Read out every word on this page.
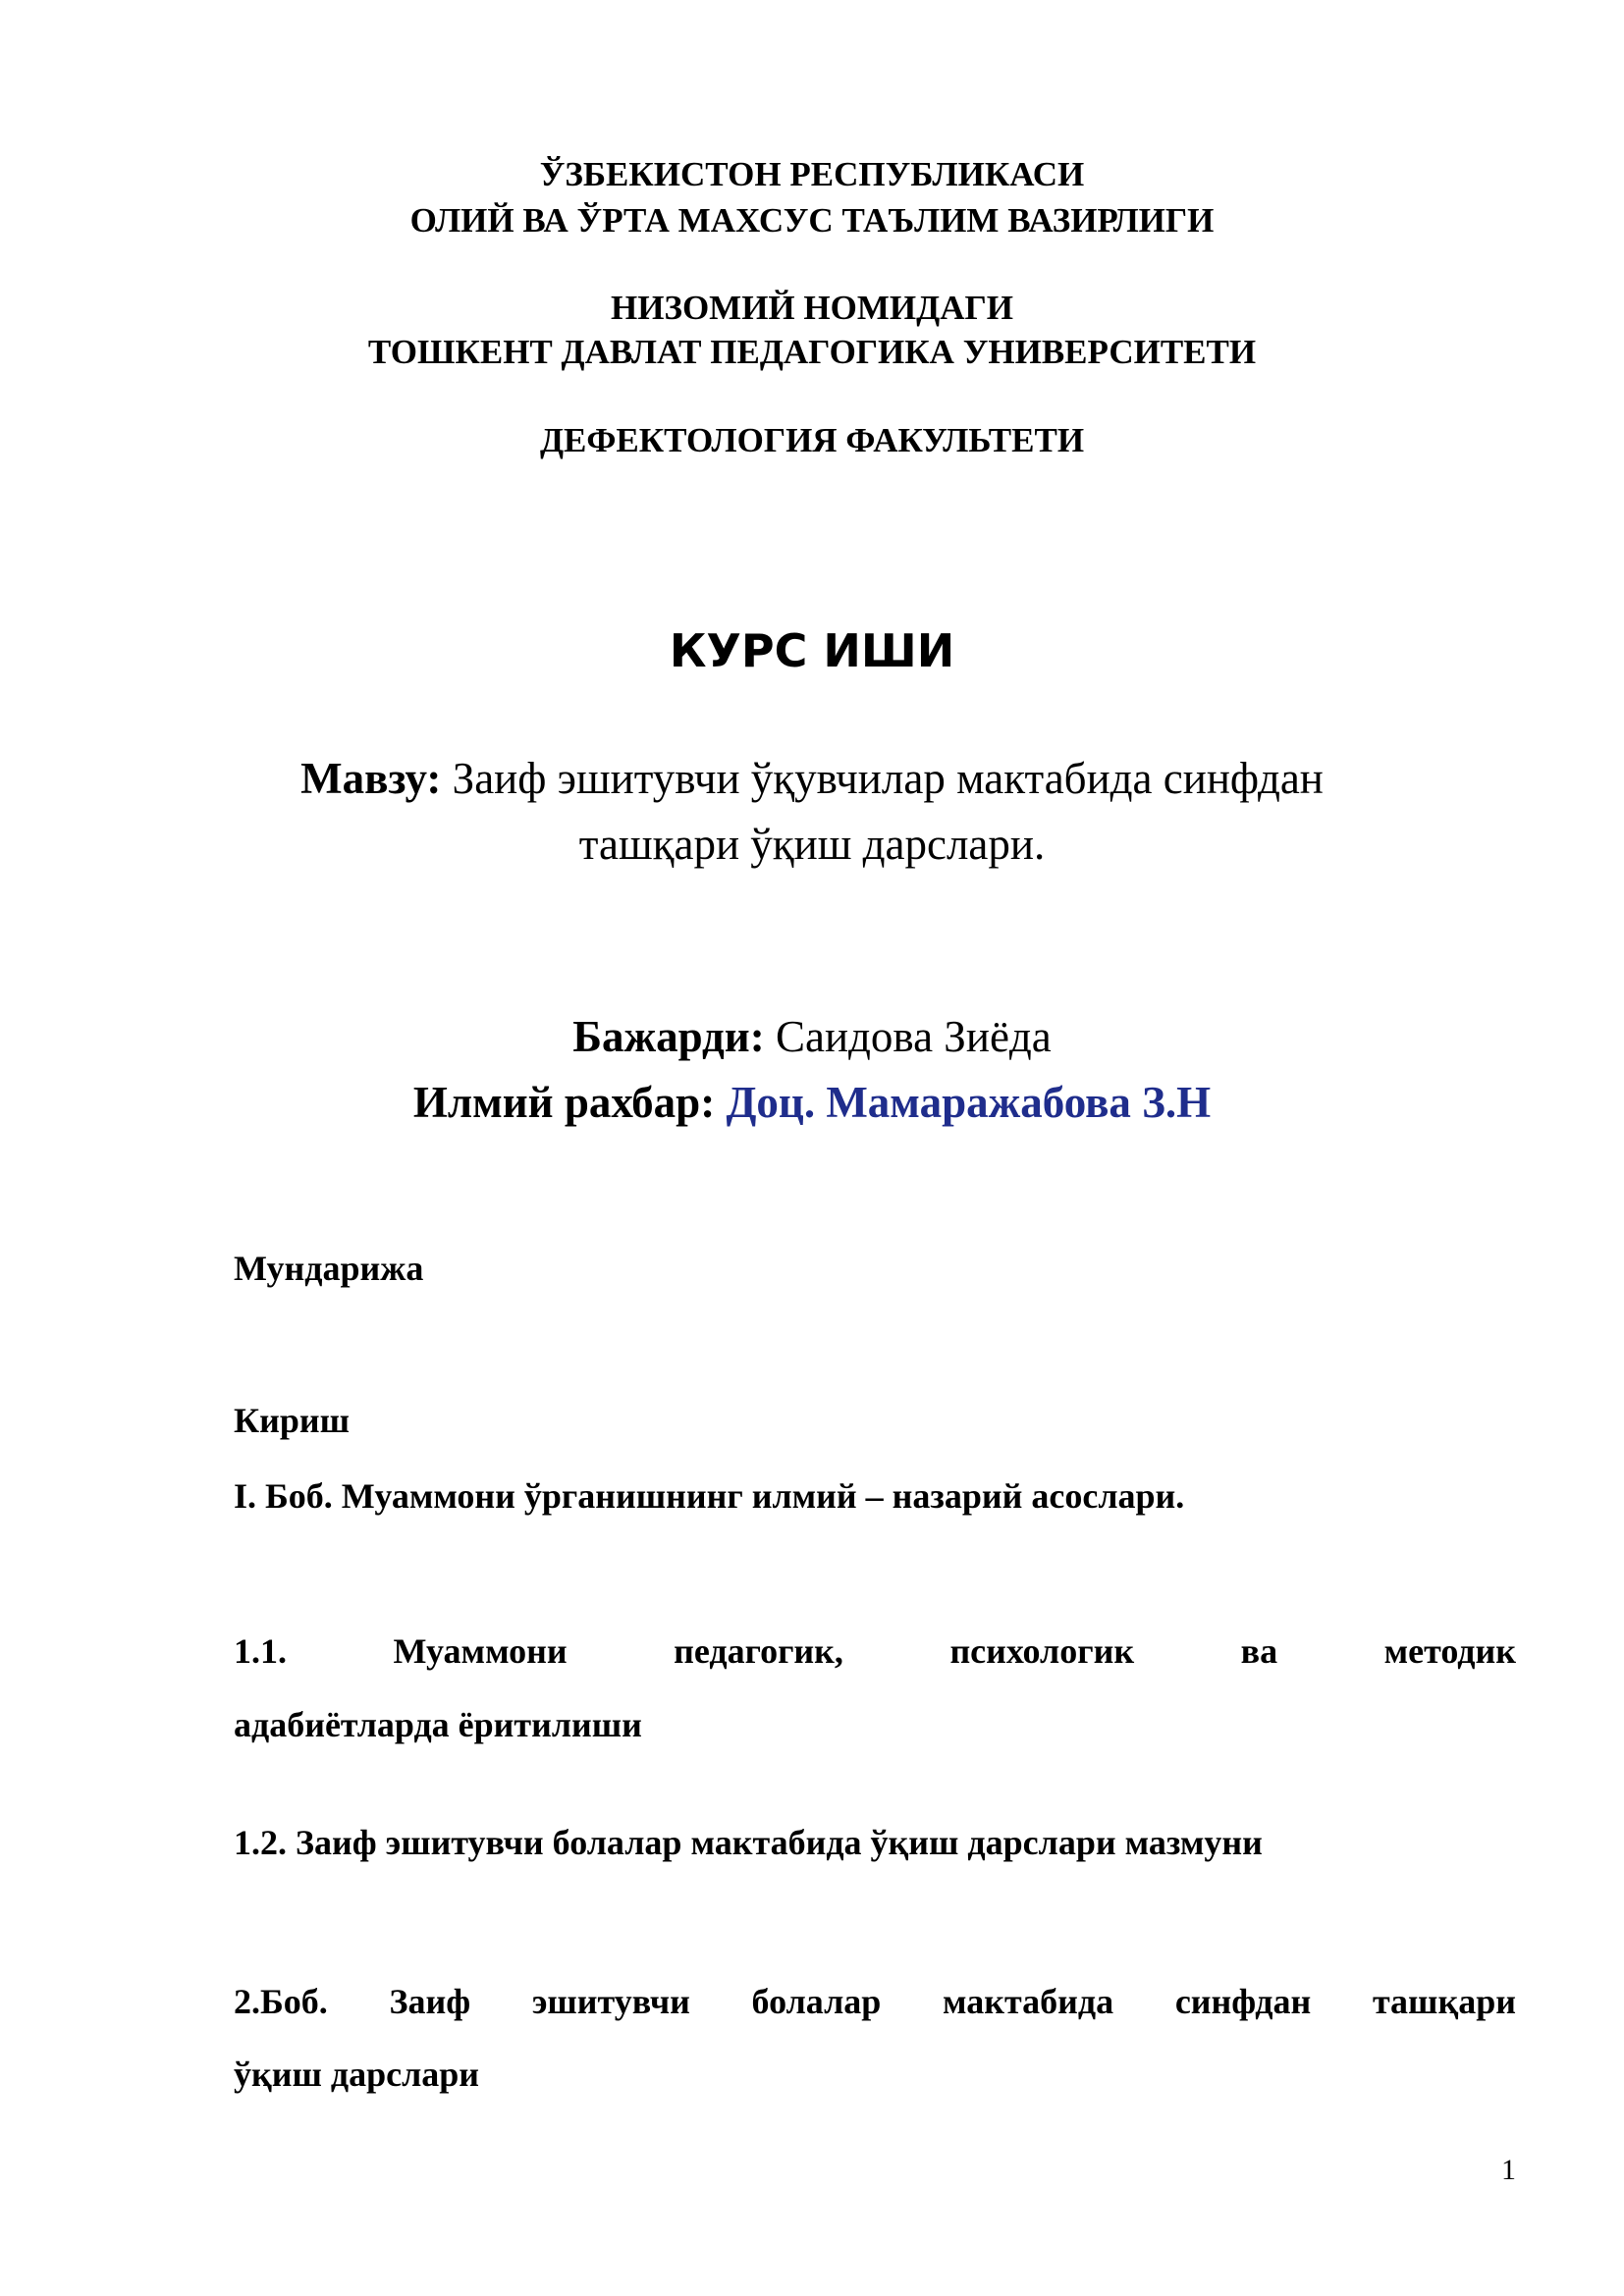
ЎЗБЕКИСТОН РЕСПУБЛИКАСИ
ОЛИЙ ВА ЎРТА МАХСУС ТАЪЛИМ ВАЗИРЛИГИ
НИЗОМИЙ НОМИДАГИ
ТОШКЕНТ ДАВЛАТ ПЕДАГОГИКА УНИВЕРСИТЕТИ
ДЕФЕКТОЛОГИЯ ФАКУЛЬТЕТИ
КУРС ИШИ
Мавзу: Заиф эшитувчи ўқувчилар мактабида синфдан
ташқари ўқиш дарслари.
Бажарди: Саидова Зиёда
Илмий рахбар: Доц. Мамаражабова З.Н
Мундарижа
Кириш
I. Боб. Муаммони ўрганишнинг илмий – назарий асослари.
1.1.	Муаммони	педагогик,	психологик	ва	методик
адабиётларда ёритилиши
1.2. Заиф эшитувчи болалар мактабида ўқиш дарслари мазмуни
2.Боб. Заиф эшитувчи болалар мактабида синфдан ташқари
ўқиш дарслари
1
